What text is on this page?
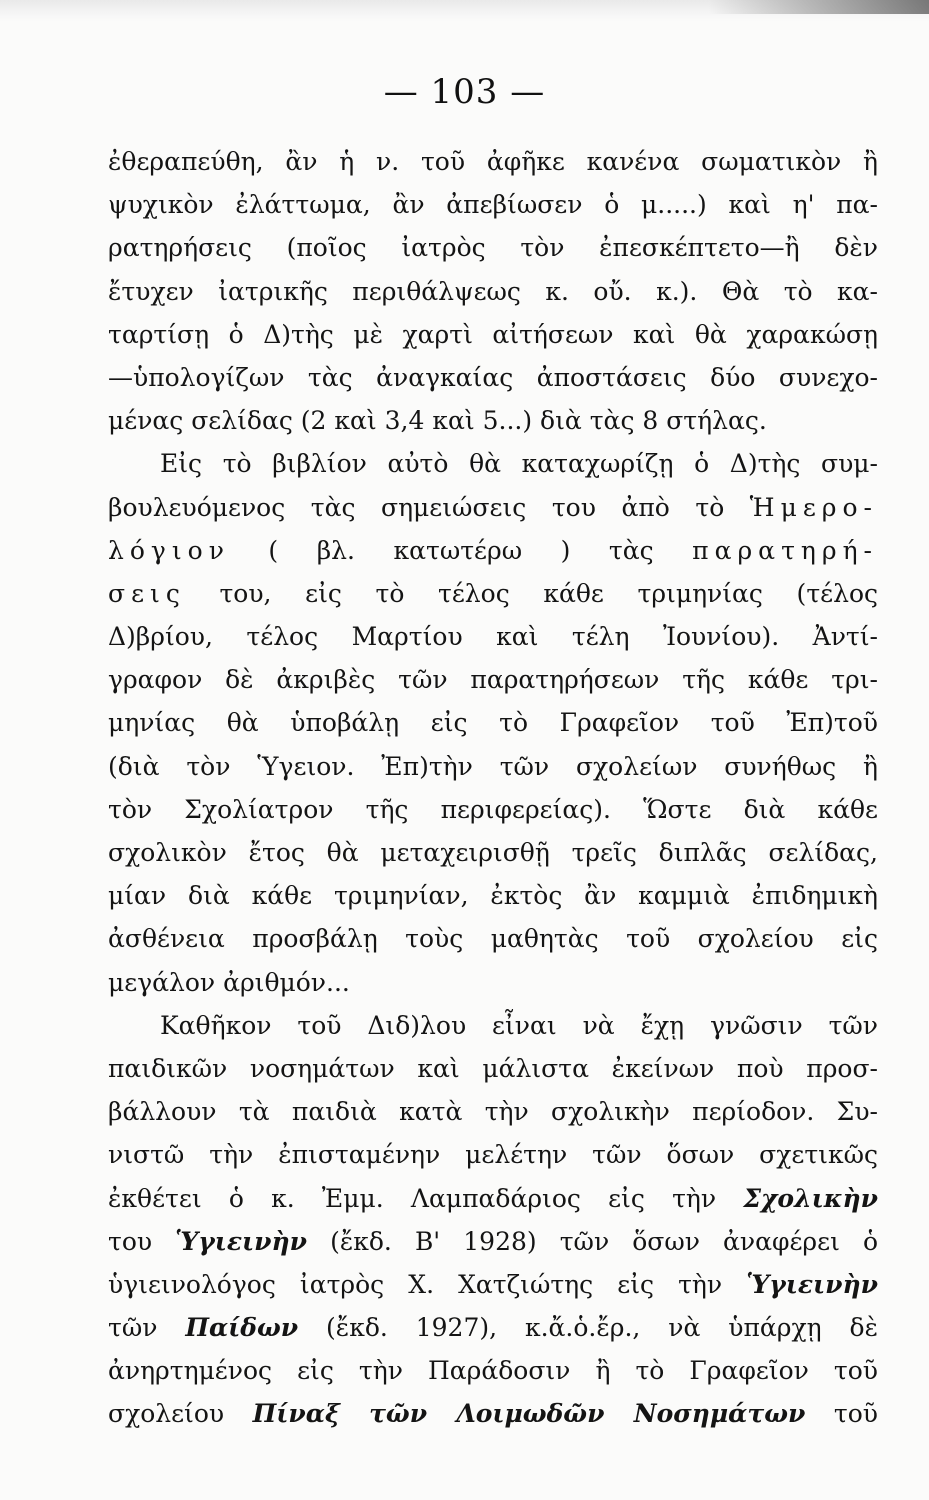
— 103 —
ἐθεραπεύθη, ἂν ἡ ν. τοῦ ἀφῆκε κανένα σωματικὸν ἢ
ψυχικὸν ἐλάττωμα, ἂν ἀπεβίωσεν ὁ μ.....) καὶ η' πα-
ρατηρήσεις (ποῖος ἰατρὸς τὸν ἐπεσκέπτετο—ἢ δὲν
ἔτυχεν ἰατρικῆς περιθάλψεως κ. οὔ. κ.). Θὰ τὸ κα-
ταρτίσῃ ὁ Δ)τὴς μὲ χαρτὶ αἰτήσεων καὶ θὰ χαρακώσῃ
—ὑπολογίζων τὰς ἀναγκαίας ἀποστάσεις δύο συνεχο-
μένας σελίδας (2 καὶ 3,4 καὶ 5...) διὰ τὰς 8 στήλας.
Εἰς τὸ βιβλίον αὐτὸ θὰ καταχωρίζῃ ὁ Δ)τὴς συμ-
βουλευόμενος τὰς σημειώσεις του ἀπὸ τὸ Ἡμερο-
λόγιον ( βλ. κατωτέρω ) τὰς παρατηρή-
σεις του, εἰς τὸ τέλος κάθε τριμηνίας (τέλος
Δ)βρίου, τέλος Μαρτίου καὶ τέλη Ἰουνίου). Ἀντί-
γραφον δὲ ἀκριβὲς τῶν παρατηρήσεων τῆς κάθε τρι-
μηνίας θὰ ὑποβάλῃ εἰς τὸ Γραφεῖον τοῦ Ἐπ)τοῦ
(διὰ τὸν Ὑγειον. Ἐπ)τὴν τῶν σχολείων συνήθως ἢ
τὸν Σχολίατρον τῆς περιφερείας). Ὥστε διὰ κάθε
σχολικὸν ἔτος θὰ μεταχειρισθῇ τρεῖς διπλᾶς σελίδας,
μίαν διὰ κάθε τριμηνίαν, ἐκτὸς ἂν καμμιὰ ἐπιδημικὴ
ἀσθένεια προσβάλῃ τοὺς μαθητὰς τοῦ σχολείου εἰς
μεγάλον ἀριθμόν...
Καθῆκον τοῦ Διδ)λου εἶναι νὰ ἔχῃ γνῶσιν τῶν
παιδικῶν νοσημάτων καὶ μάλιστα ἐκείνων ποὺ προσ-
βάλλουν τὰ παιδιὰ κατὰ τὴν σχολικὴν περίοδον. Συ-
νιστῶ τὴν ἐπισταμένην μελέτην τῶν ὅσων σχετικῶς
ἐκθέτει ὁ κ. Ἐμμ. Λαμπαδάριος εἰς τὴν Σχολικὴν
του Ὑγιεινὴν (ἔκδ. Β' 1928) τῶν ὅσων ἀναφέρει ὁ
ὑγιεινολόγος ἰατρὸς Χ. Χατζιώτης εἰς τὴν Ὑγιεινὴν
τῶν Παίδων (ἔκδ. 1927), κ.ἄ.ὁ.ἔρ., νὰ ὑπάρχῃ δὲ
ἀνηρτημένος εἰς τὴν Παράδοσιν ἢ τὸ Γραφεῖον τοῦ
σχολείου Πίναξ τῶν Λοιμωδῶν Νοσημάτων τοῦ
